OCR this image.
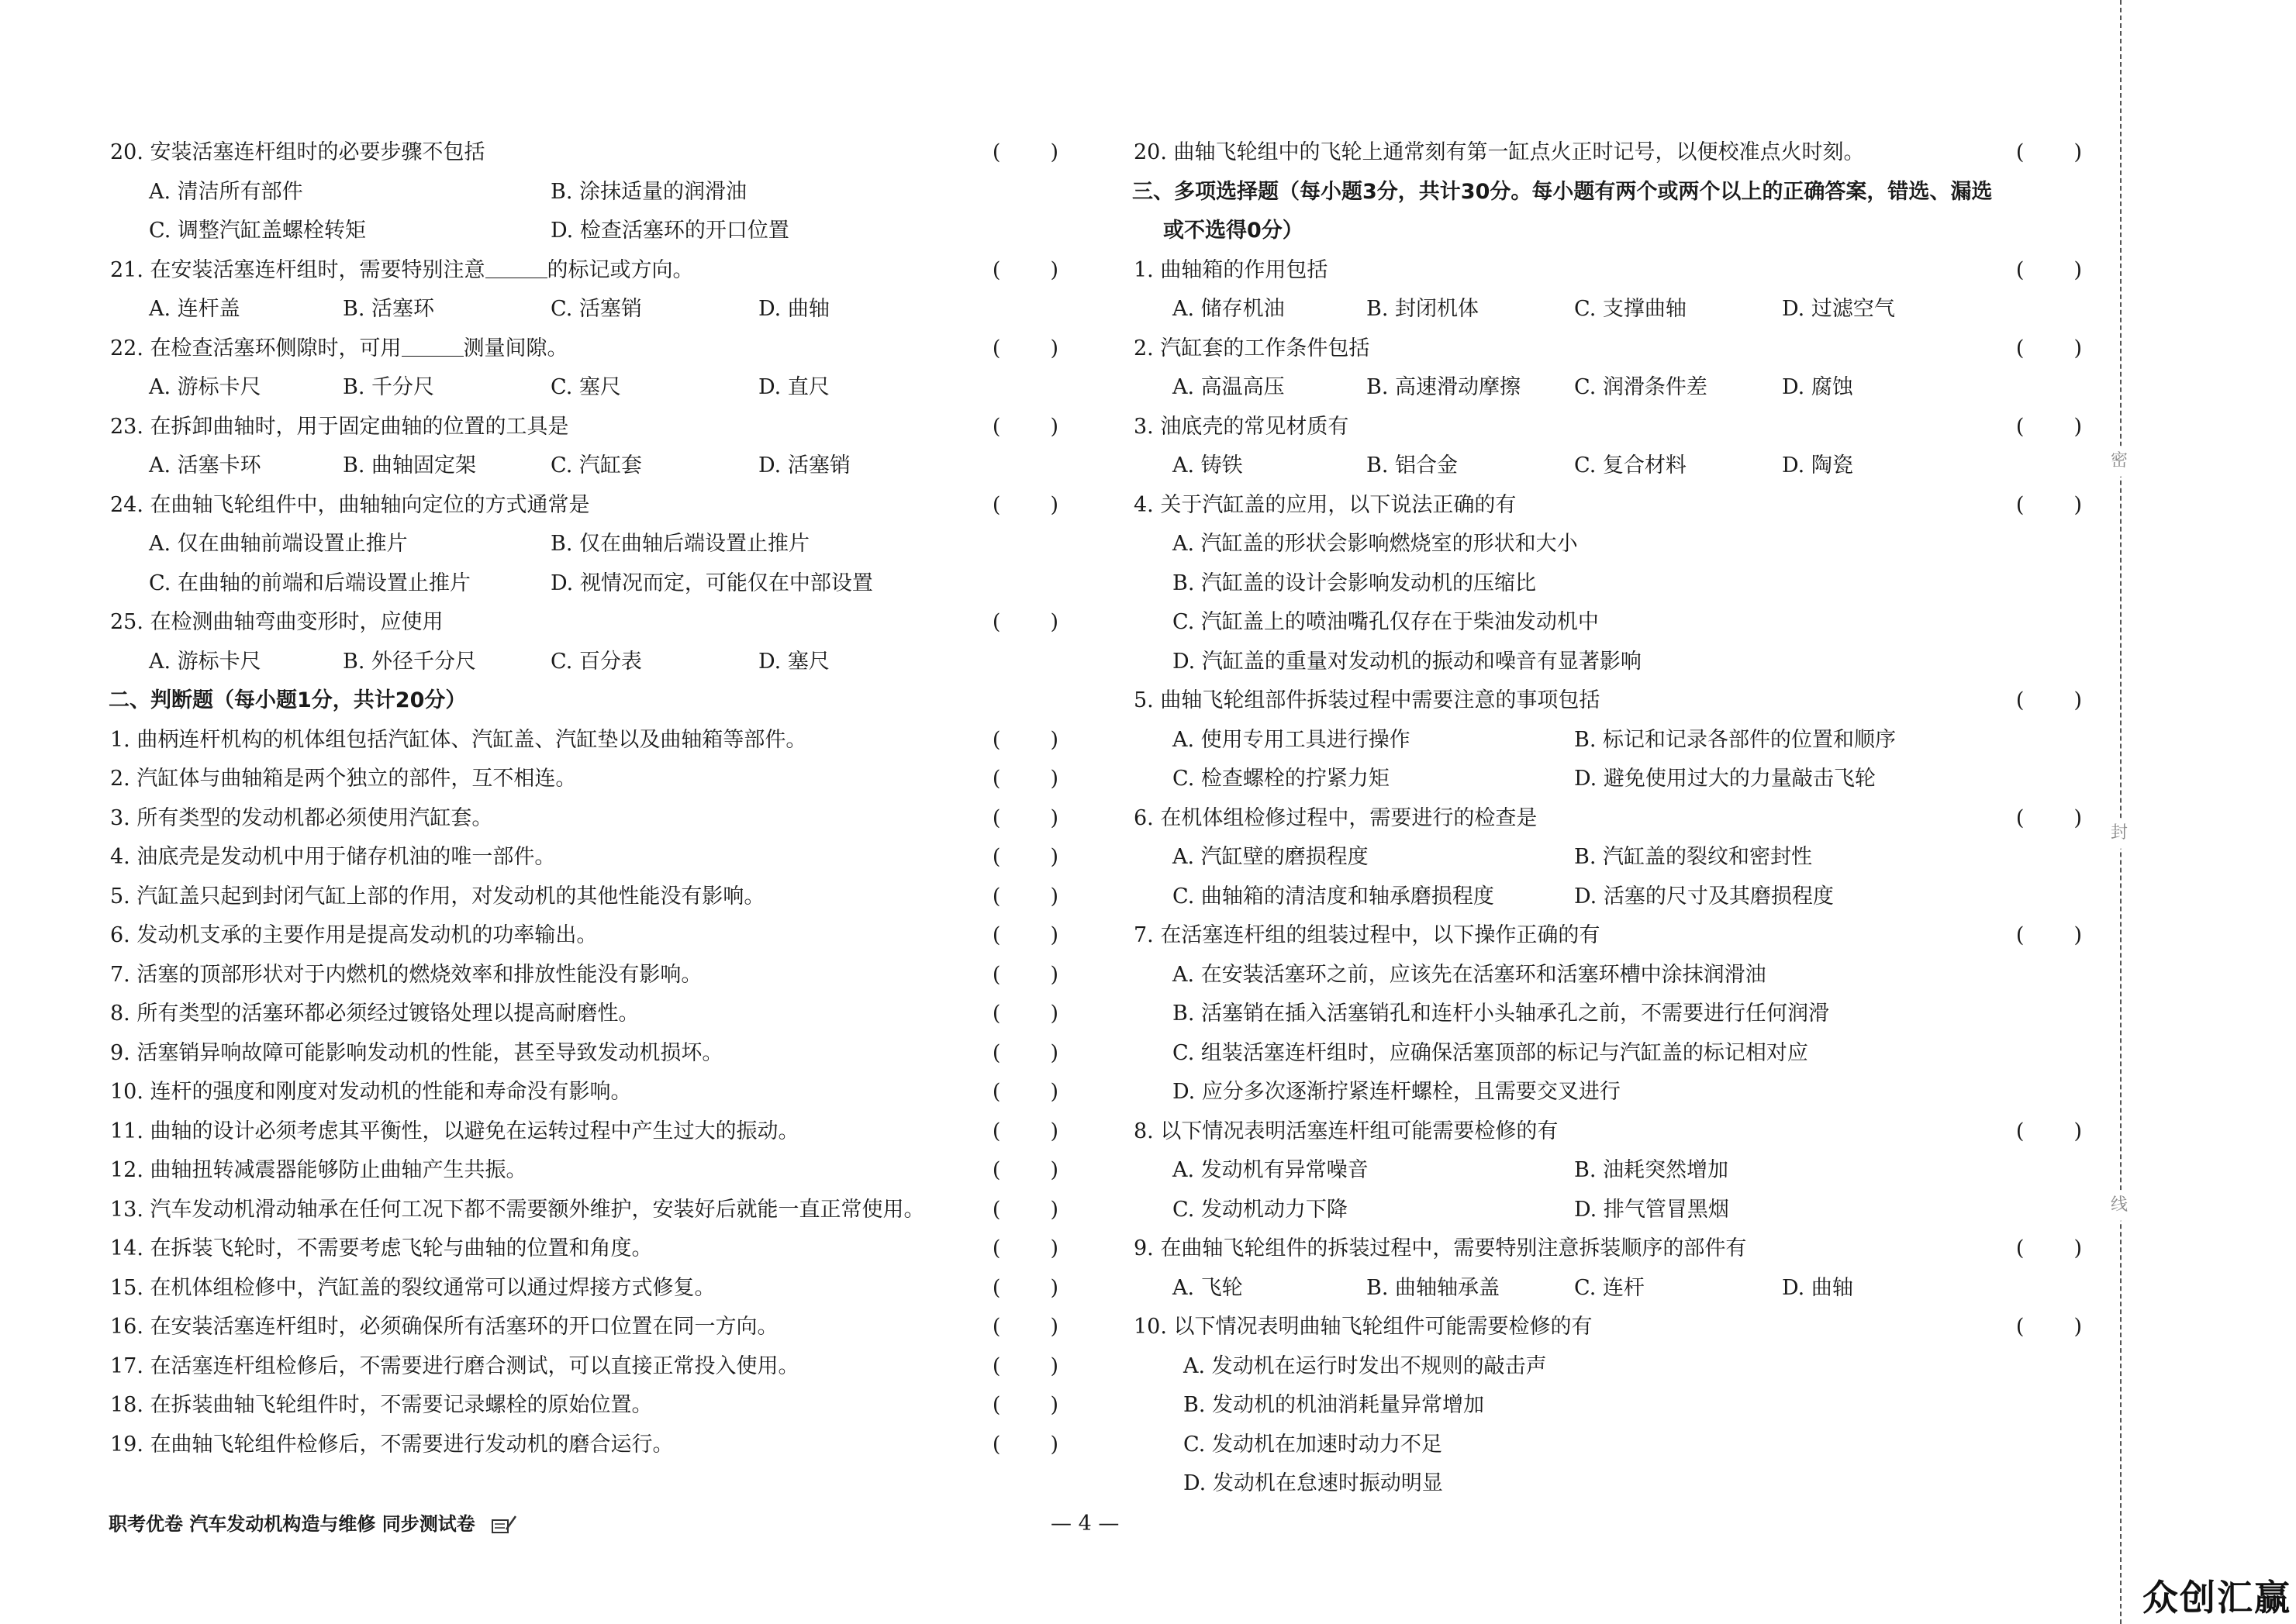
20. 安装活塞连杆组时的必要步骤不包括	( )
A. 清洁所有部件	B. 涂抹适量的润滑油
C. 调整汽缸盖螺栓转矩	D. 检查活塞环的开口位置
21. 在安装活塞连杆组时，需要特别注意	的标记或方向。	( )
A. 连杆盖	B. 活塞环	C. 活塞销	D. 曲轴
22. 在检查活塞环侧隙时，可用	测量间隙。	( )
A. 游标卡尺	B. 千分尺	C. 塞尺	D. 直尺
23. 在拆卸曲轴时，用于固定曲轴的位置的工具是	( )
A. 活塞卡环	B. 曲轴固定架	C. 汽缸套	D. 活塞销
24. 在曲轴飞轮组件中，曲轴轴向定位的方式通常是	( )
A. 仅在曲轴前端设置止推片	B. 仅在曲轴后端设置止推片
C. 在曲轴的前端和后端设置止推片	D. 视情况而定，可能仅在中部设置
25. 在检测曲轴弯曲变形时，应使用	( )
A. 游标卡尺	B. 外径千分尺	C. 百分表	D. 塞尺
二、判断题（每小题1分，共计20分）
1. 曲柄连杆机构的机体组包括汽缸体、汽缸盖、汽缸垫以及曲轴箱等部件。	( )
2. 汽缸体与曲轴箱是两个独立的部件，互不相连。	( )
3. 所有类型的发动机都必须使用汽缸套。	( )
4. 油底壳是发动机中用于储存机油的唯一部件。	( )
5. 汽缸盖只起到封闭气缸上部的作用，对发动机的其他性能没有影响。	( )
6. 发动机支承的主要作用是提高发动机的功率输出。	( )
7. 活塞的顶部形状对于内燃机的燃烧效率和排放性能没有影响。	( )
8. 所有类型的活塞环都必须经过镀铬处理以提高耐磨性。	( )
9. 活塞销异响故障可能影响发动机的性能，甚至导致发动机损坏。	( )
10. 连杆的强度和刚度对发动机的性能和寿命没有影响。	( )
11. 曲轴的设计必须考虑其平衡性，以避免在运转过程中产生过大的振动。	( )
12. 曲轴扭转减震器能够防止曲轴产生共振。	( )
13. 汽车发动机滑动轴承在任何工况下都不需要额外维护，安装好后就能一直正常使用。	( )
14. 在拆装飞轮时，不需要考虑飞轮与曲轴的位置和角度。	( )
15. 在机体组检修中，汽缸盖的裂纹通常可以通过焊接方式修复。	( )
16. 在安装活塞连杆组时，必须确保所有活塞环的开口位置在同一方向。	( )
17. 在活塞连杆组检修后，不需要进行磨合测试，可以直接正常投入使用。	( )
18. 在拆装曲轴飞轮组件时，不需要记录螺栓的原始位置。	( )
19. 在曲轴飞轮组件检修后，不需要进行发动机的磨合运行。	( )
20. 曲轴飞轮组中的飞轮上通常刻有第一缸点火正时记号，以便校准点火时刻。	( )
三、多项选择题（每小题3分，共计30分。每小题有两个或两个以上的正确答案，错选、漏选
或不选得0分）
1. 曲轴箱的作用包括	( )
A. 储存机油	B. 封闭机体	C. 支撑曲轴	D. 过滤空气
2. 汽缸套的工作条件包括	( )
A. 高温高压	B. 高速滑动摩擦	C. 润滑条件差	D. 腐蚀
3. 油底壳的常见材质有	( )
A. 铸铁	B. 铝合金	C. 复合材料	D. 陶瓷
4. 关于汽缸盖的应用，以下说法正确的有	( )
A. 汽缸盖的形状会影响燃烧室的形状和大小
B. 汽缸盖的设计会影响发动机的压缩比
C. 汽缸盖上的喷油嘴孔仅存在于柴油发动机中
D. 汽缸盖的重量对发动机的振动和噪音有显著影响
5. 曲轴飞轮组部件拆装过程中需要注意的事项包括	( )
A. 使用专用工具进行操作	B. 标记和记录各部件的位置和顺序
C. 检查螺栓的拧紧力矩	D. 避免使用过大的力量敲击飞轮
6. 在机体组检修过程中，需要进行的检查是	( )
A. 汽缸壁的磨损程度	B. 汽缸盖的裂纹和密封性
C. 曲轴箱的清洁度和轴承磨损程度	D. 活塞的尺寸及其磨损程度
7. 在活塞连杆组的组装过程中，以下操作正确的有	( )
A. 在安装活塞环之前，应该先在活塞环和活塞环槽中涂抹润滑油
B. 活塞销在插入活塞销孔和连杆小头轴承孔之前，不需要进行任何润滑
C. 组装活塞连杆组时，应确保活塞顶部的标记与汽缸盖的标记相对应
D. 应分多次逐渐拧紧连杆螺栓，且需要交叉进行
8. 以下情况表明活塞连杆组可能需要检修的有	( )
A. 发动机有异常噪音	B. 油耗突然增加
C. 发动机动力下降	D. 排气管冒黑烟
9. 在曲轴飞轮组件的拆装过程中，需要特别注意拆装顺序的部件有	( )
A. 飞轮	B. 曲轴轴承盖	C. 连杆	D. 曲轴
10. 以下情况表明曲轴飞轮组件可能需要检修的有	( )
A. 发动机在运行时发出不规则的敲击声
B. 发动机的机油消耗量异常增加
C. 发动机在加速时动力不足
D. 发动机在怠速时振动明显
职考优卷 汽车发动机构造与维修 同步测试卷	— 4 —
密
封
线
众创汇赢
